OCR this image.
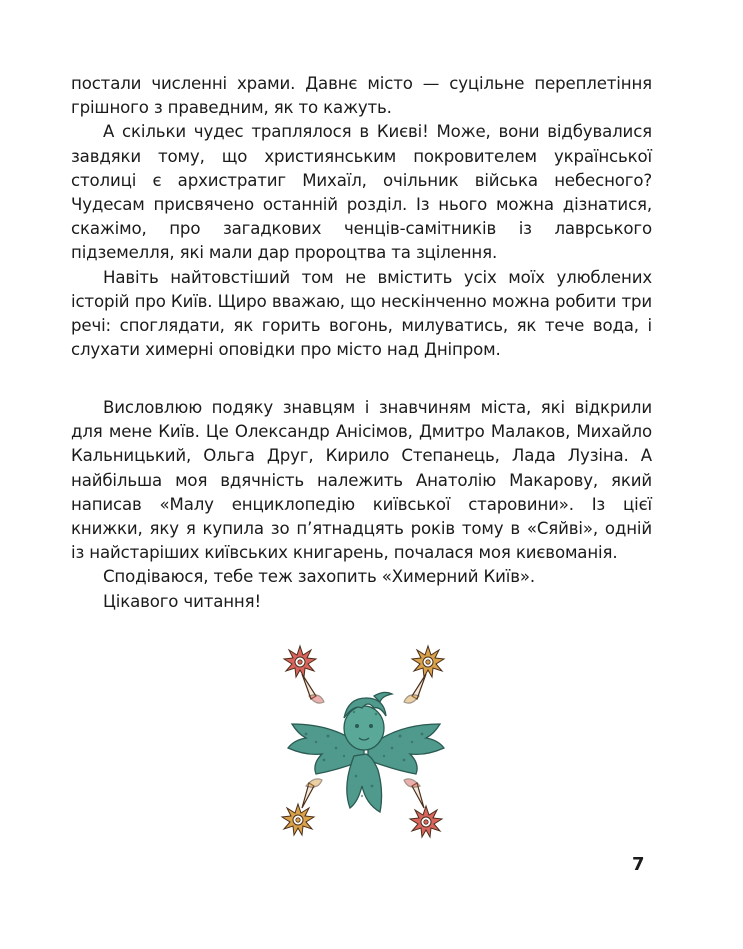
постали численні храми. Давнє місто — суцільне переплетіння грішного з праведним, як то кажуть.

А скільки чудес траплялося в Києві! Може, вони відбувалися завдяки тому, що християнським покровителем української столиці є архистратиг Михаїл, очільник війська небесного? Чудесам присвячено останній розділ. Із нього можна дізнатися, скажімо, про загадкових ченців-самітників із лаврського підземелля, які мали дар пророцтва та зцілення.

Навіть найтовстіший том не вмістить усіх моїх улюблених історій про Київ. Щиро вважаю, що нескінченно можна робити три речі: споглядати, як горить вогонь, милуватись, як тече вода, і слухати химерні оповідки про місто над Дніпром.

Висловлюю подяку знавцям і знавчиням міста, які відкрили для мене Київ. Це Олександр Анісімов, Дмитро Малаков, Михайло Кальницький, Ольга Друг, Кирило Степанець, Лада Лузіна. А найбільша моя вдячність належить Анатолію Макарову, який написав «Малу енциклопедію київської старовини». Із цієї книжки, яку я купила зо п’ятнадцять років тому в «Сяйві», одній із найстаріших київських книгарень, почалася моя києвоманія.

Сподіваюся, тебе теж захопить «Химерний Київ».

Цікавого читання!

7
